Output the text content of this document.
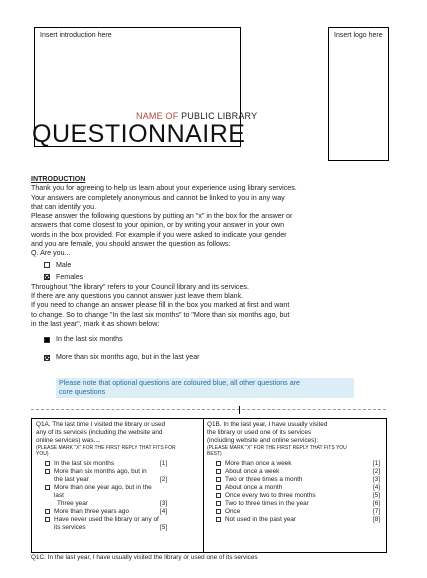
Insert introduction here	Insert logo here
NAME OF PUBLIC LIBRARY
QUESTIONNAIRE
INTRODUCTION
Thank you for agreeing to help us learn about your experience using library services.
Your answers are completely anonymous and cannot be linked to you in any way
that can identify you.
Please answer the following questions by putting an "x" in the box for the answer or
answers that come closest to your opinion, or by writing your answer in your own
words in the box provided. For example if you were asked to indicate your gender
and you are female, you should answer the question as follows:
Q. Are you...
Male
Females
Throughout "the library" refers to your Council library and its services.
If there are any questions you cannot answer just leave them blank.
If you need to change an answer please fill in the box you marked at first and want
to change. So to change "In the last six months" to "More than six months ago, but
in the last year", mark it as shown below:
In the last six months
More than six months ago, but in the last year
Please note that optional questions are coloured blue, all other questions are
core questions
Q1A. The last time I visited the library or used
any of its services (including the website and
online services) was....
(PLEASE MARK "X" FOR THE FIRST REPLY THAT FITS FOR
YOU)
In the last six months	[1]
More than six months ago, but in
the last year	[2]
More than one year ago, but in the
last
Three year	[3]
More than three years ago	[4]
Have never used the library or any of
its services	[5]
Q1B. In the last year, I have usually visited
the library or used one of its services
(including website and online services):
(PLEASE MARK "X" FOR THE FIRST REPLY THAT FITS YOU
BEST)
More than once a week	[1]
About once a week	[2]
Two or three times a month	[3]
About once a month	[4]
Once every two to three months	[5]
Two to three times in the year	[6]
Once	[7]
Not used in the past year	[8]
Q1C. In the last year, I have usually visited the library or used one of its services
